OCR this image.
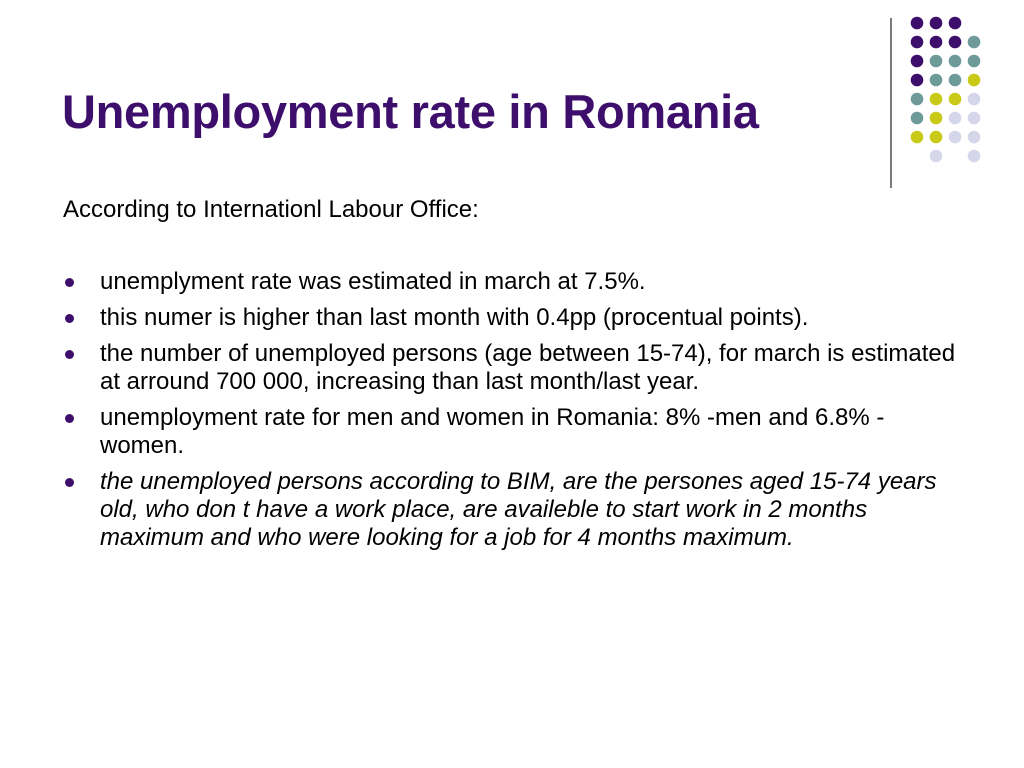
Unemployment rate in Romania

According to Internationl Labour Office:

unemplyment rate was estimated in march at 7.5%.
this numer is higher than last month with 0.4pp (procentual points).
the number of unemployed persons (age between 15-74), for march is estimated at arround 700 000, increasing than last month/last year.
unemployment rate for men and women in Romania: 8% -men and 6.8% -women.
the unemployed persons according to BIM, are the persones aged 15-74 years old, who don t have a work place, are availeble to start work in 2 months maximum and who were looking for a job for 4 months maximum.
